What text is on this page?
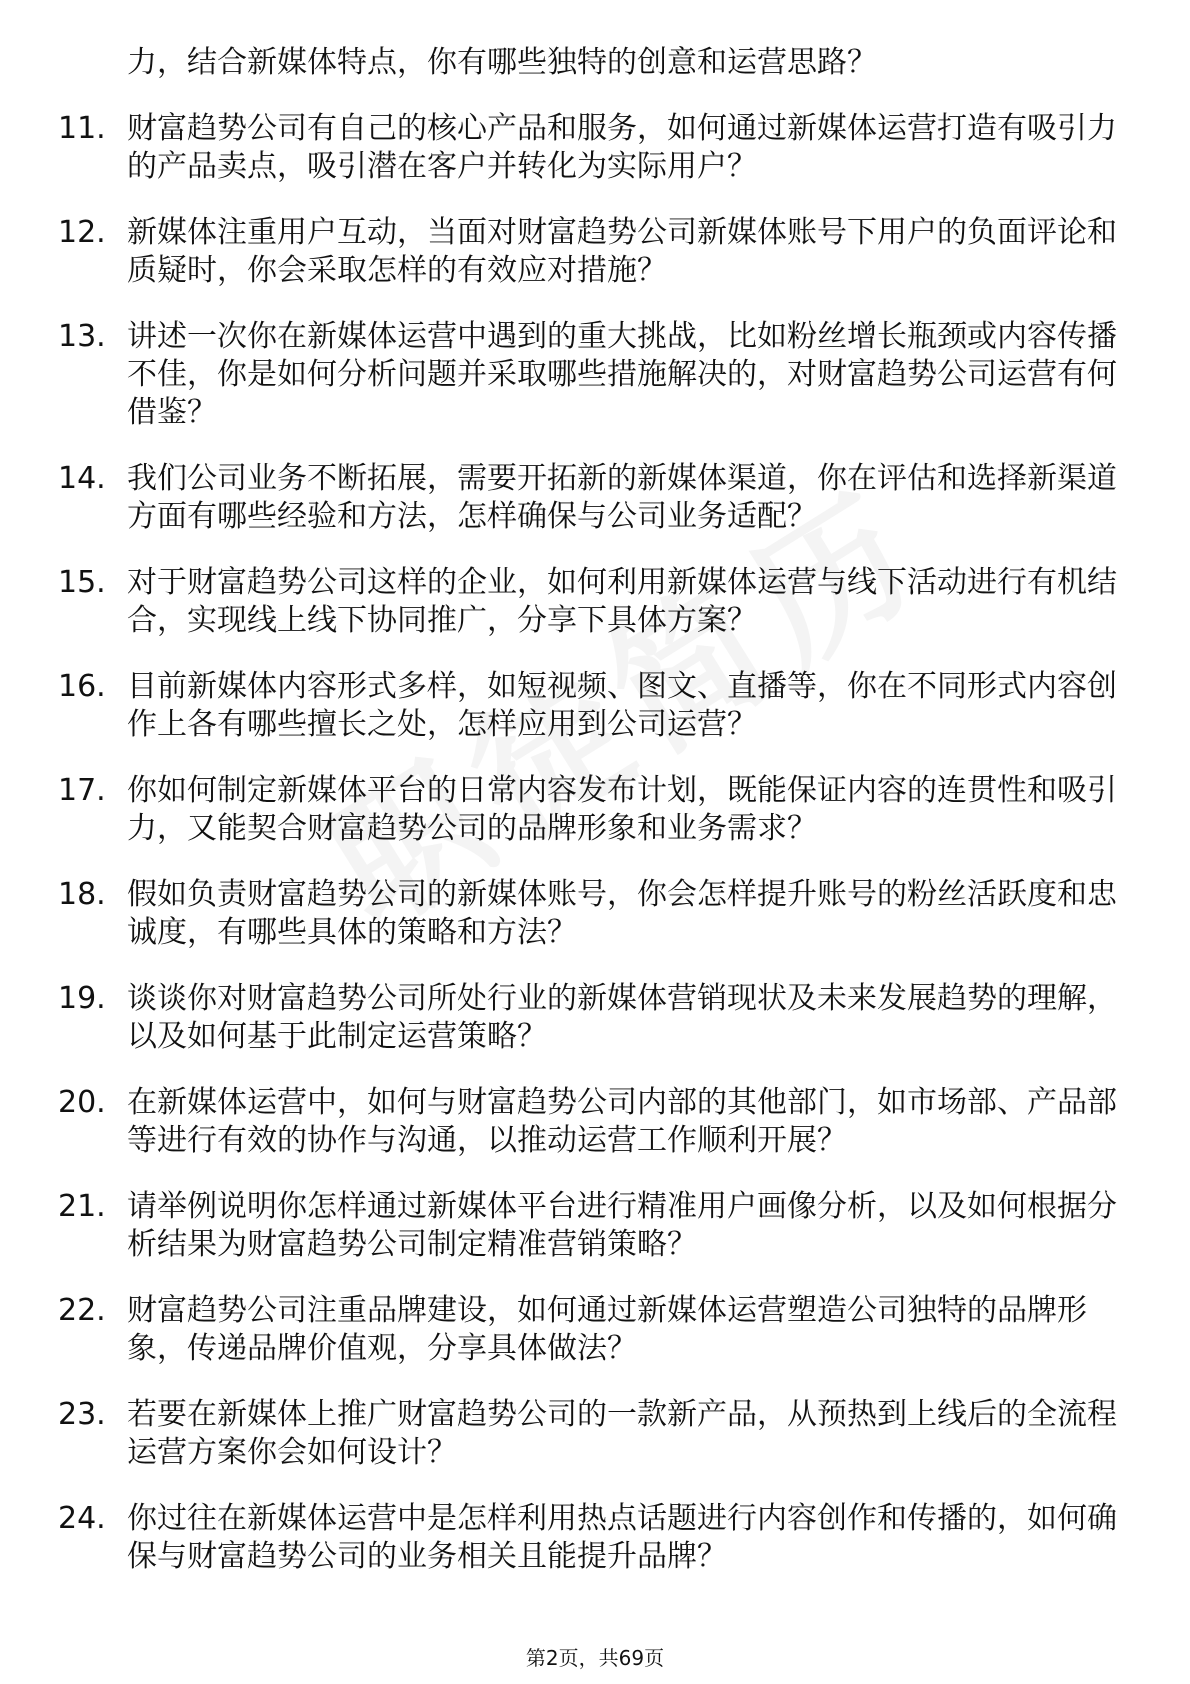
力，结合新媒体特点，你有哪些独特的创意和运营思路？
11. 财富趋势公司有自己的核心产品和服务，如何通过新媒体运营打造有吸引力的产品卖点，吸引潜在客户并转化为实际用户？
12. 新媒体注重用户互动，当面对财富趋势公司新媒体账号下用户的负面评论和质疑时，你会采取怎样的有效应对措施？
13. 讲述一次你在新媒体运营中遇到的重大挑战，比如粉丝增长瓶颈或内容传播不佳，你是如何分析问题并采取哪些措施解决的，对财富趋势公司运营有何借鉴？
14. 我们公司业务不断拓展，需要开拓新的新媒体渠道，你在评估和选择新渠道方面有哪些经验和方法，怎样确保与公司业务适配？
15. 对于财富趋势公司这样的企业，如何利用新媒体运营与线下活动进行有机结合，实现线上线下协同推广，分享下具体方案？
16. 目前新媒体内容形式多样，如短视频、图文、直播等，你在不同形式内容创作上各有哪些擅长之处，怎样应用到公司运营？
17. 你如何制定新媒体平台的日常内容发布计划，既能保证内容的连贯性和吸引力，又能契合财富趋势公司的品牌形象和业务需求？
18. 假如负责财富趋势公司的新媒体账号，你会怎样提升账号的粉丝活跃度和忠诚度，有哪些具体的策略和方法？
19. 谈谈你对财富趋势公司所处行业的新媒体营销现状及未来发展趋势的理解，以及如何基于此制定运营策略？
20. 在新媒体运营中，如何与财富趋势公司内部的其他部门，如市场部、产品部等进行有效的协作与沟通，以推动运营工作顺利开展？
21. 请举例说明你怎样通过新媒体平台进行精准用户画像分析，以及如何根据分析结果为财富趋势公司制定精准营销策略？
22. 财富趋势公司注重品牌建设，如何通过新媒体运营塑造公司独特的品牌形象，传递品牌价值观，分享具体做法？
23. 若要在新媒体上推广财富趋势公司的一款新产品，从预热到上线后的全流程运营方案你会如何设计？
24. 你过往在新媒体运营中是怎样利用热点话题进行内容创作和传播的，如何确保与财富趋势公司的业务相关且能提升品牌？
第2页，共69页
